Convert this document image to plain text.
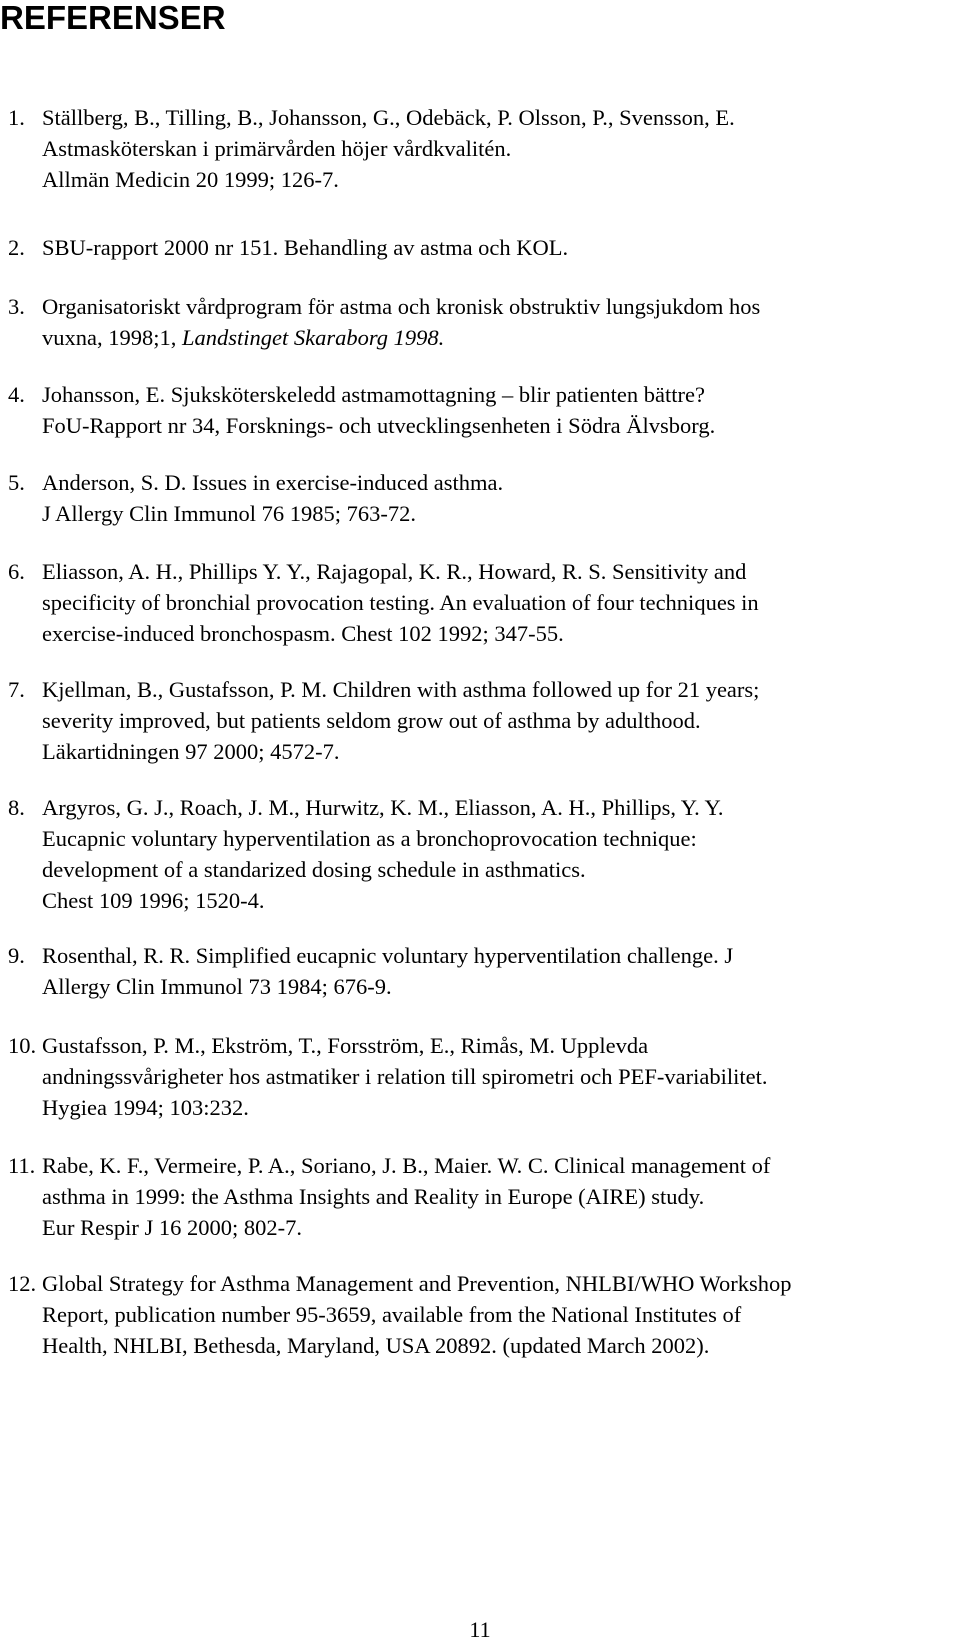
REFERENSER
1. Ställberg, B., Tilling, B., Johansson, G., Odebäck, P. Olsson, P., Svensson, E.
Astmasköterskan i primärvården höjer vårdkvalitén.
Allmän Medicin 20 1999; 126-7.
2. SBU-rapport 2000 nr 151. Behandling av astma och KOL.
3. Organisatoriskt vårdprogram för astma och kronisk obstruktiv lungsjukdom hos
vuxna, 1998;1, Landstinget Skaraborg 1998.
4. Johansson, E. Sjuksköterskeledd astmamottagning – blir patienten bättre?
FoU-Rapport nr 34, Forsknings- och utvecklingsenheten i Södra Älvsborg.
5. Anderson, S. D. Issues in exercise-induced asthma.
J Allergy Clin Immunol 76 1985; 763-72.
6. Eliasson, A. H., Phillips Y. Y., Rajagopal, K. R., Howard, R. S. Sensitivity and
specificity of bronchial provocation testing. An evaluation of four techniques in
exercise-induced bronchospasm. Chest 102 1992; 347-55.
7. Kjellman, B., Gustafsson, P. M. Children with asthma followed up for 21 years;
severity improved, but patients seldom grow out of asthma by adulthood.
Läkartidningen 97 2000; 4572-7.
8. Argyros, G. J., Roach, J. M., Hurwitz, K. M., Eliasson, A. H., Phillips, Y. Y.
Eucapnic voluntary hyperventilation as a bronchoprovocation technique:
development of a standarized dosing schedule in asthmatics.
Chest 109 1996; 1520-4.
9. Rosenthal, R. R. Simplified eucapnic voluntary hyperventilation challenge. J
Allergy Clin Immunol 73 1984; 676-9.
10. Gustafsson, P. M., Ekström, T., Forsström, E., Rimås, M. Upplevda
andningssvårigheter hos astmatiker i relation till spirometri och PEF-variabilitet.
Hygiea 1994; 103:232.
11. Rabe, K. F., Vermeire, P. A., Soriano, J. B., Maier. W. C. Clinical management of
asthma in 1999: the Asthma Insights and Reality in Europe (AIRE) study.
Eur Respir J 16 2000; 802-7.
12. Global Strategy for Asthma Management and Prevention, NHLBI/WHO Workshop
Report, publication number 95-3659, available from the National Institutes of
Health, NHLBI, Bethesda, Maryland, USA 20892. (updated March 2002).
11
